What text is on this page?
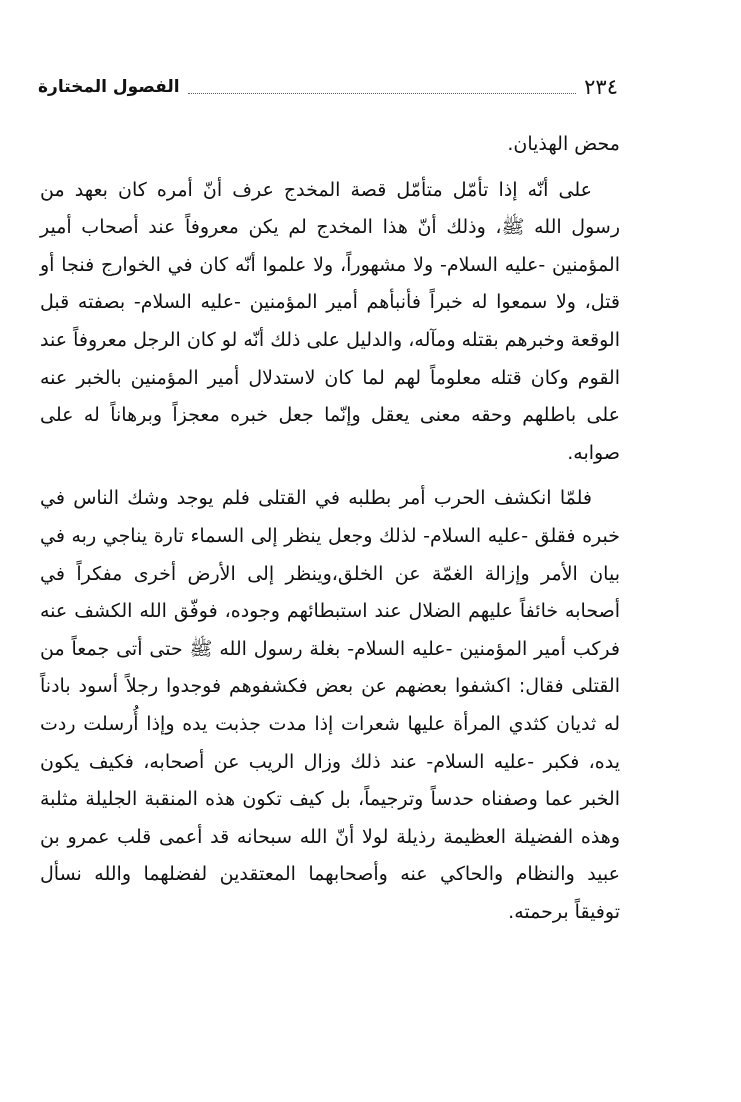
٢٣٤
الفصول المختارة

محض الهذيان.

على أنّه إذا تأمّل متأمّل قصة المخدج عرف أنّ أمره كان بعهد من رسول الله ﷺ، وذلك أنّ هذا المخدج لم يكن معروفاً عند أصحاب أمير المؤمنين -عليه السلام- ولا مشهوراً، ولا علموا أنّه كان في الخوارج فنجا أو قتل، ولا سمعوا له خبراً فأنبأهم أمير المؤمنين -عليه السلام- بصفته قبل الوقعة وخبرهم بقتله ومآله، والدليل على ذلك أنّه لو كان الرجل معروفاً عند القوم وكان قتله معلوماً لهم لما كان لاستدلال أمير المؤمنين بالخبر عنه على باطلهم وحقه معنى يعقل وإنّما جعل خبره معجزاً وبرهاناً له على صوابه.

فلمّا انكشف الحرب أمر بطلبه في القتلى فلم يوجد وشك الناس في خبره فقلق -عليه السلام- لذلك وجعل ينظر إلى السماء تارة يناجي ربه في بيان الأمر وإزالة الغمّة عن الخلق،وينظر إلى الأرض أخرى مفكراً في أصحابه خائفاً عليهم الضلال عند استبطائهم وجوده، فوفّق الله الكشف عنه فركب أمير المؤمنين -عليه السلام- بغلة رسول الله ﷺ حتى أتى جمعاً من القتلى فقال: اكشفوا بعضهم عن بعض فكشفوهم فوجدوا رجلاً أسود بادناً له ثديان كثدي المرأة عليها شعرات إذا مدت جذبت يده وإذا أُرسلت ردت يده، فكبر -عليه السلام- عند ذلك وزال الريب عن أصحابه، فكيف يكون الخبر عما وصفناه حدساً وترجيماً، بل كيف تكون هذه المنقبة الجليلة مثلبة وهذه الفضيلة العظيمة رذيلة لولا أنّ الله سبحانه قد أعمى قلب عمرو بن عبيد والنظام والحاكي عنه وأصحابهما المعتقدين لفضلهما والله نسأل توفيقاً برحمته.
